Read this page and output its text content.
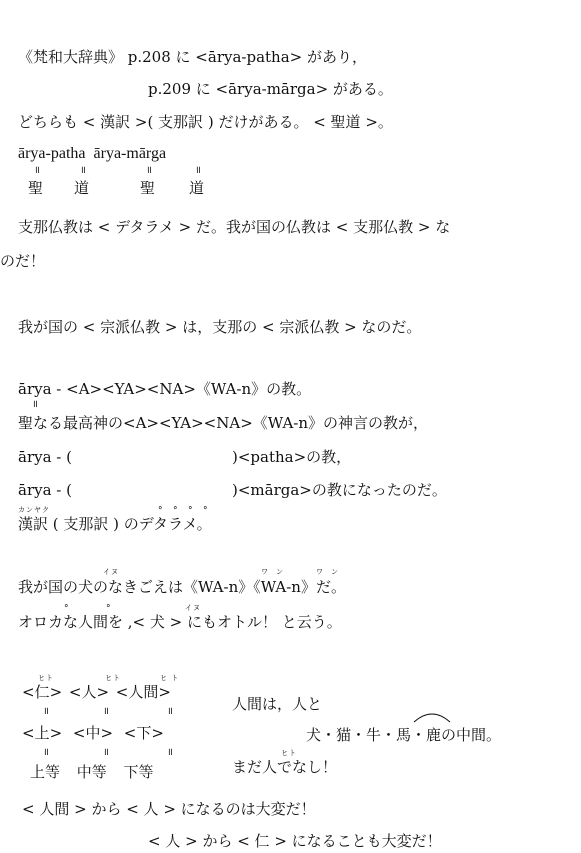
《梵和大辞典》 p.208 に <ārya-patha> があり，
p.209 に <ārya-mārga> がある。
どちらも < 漢訳 >( 支那訳 ) だけがある。 < 聖道 >。
ārya-patha ārya-mārga
॥	॥	॥	॥
聖 道	聖 道
支那仏教は < デタラメ > だ。我が国の仏教は < 支那仏教 > な
のだ！
我が国の < 宗派仏教 > は，支那の < 宗派仏教 > なのだ。
ārya - <A><YA><NA>《WA-n》の教。
॥
聖なる最高神の<A><YA><NA>《WA-n》の神言の教が，
ārya - (	)<patha>の教，
ārya - (	)<mārga>の教になったのだ。
カンヤク
漢訳 ( 支那訳 ) のデタラメ。
° ° ° °
イヌ	ワ ン	ワ ン
我が国の犬のなきごえは《WA-n》《WA-n》だ。
°	°	イヌ
オロカな人間を ,< 犬 > にもオトル！ と云う。
ヒト	ヒト	ヒ ト
<仁> <人> <人間>
॥	॥	॥
<上> <中> <下>
॥	॥	॥
上等 中等 下等
人間は，人と
犬・猫・牛・馬・鹿の中間。
ヒト
まだ人でなし！
< 人間 > から < 人 > になるのは大変だ！
< 人 > から < 仁 > になることも大変だ！
